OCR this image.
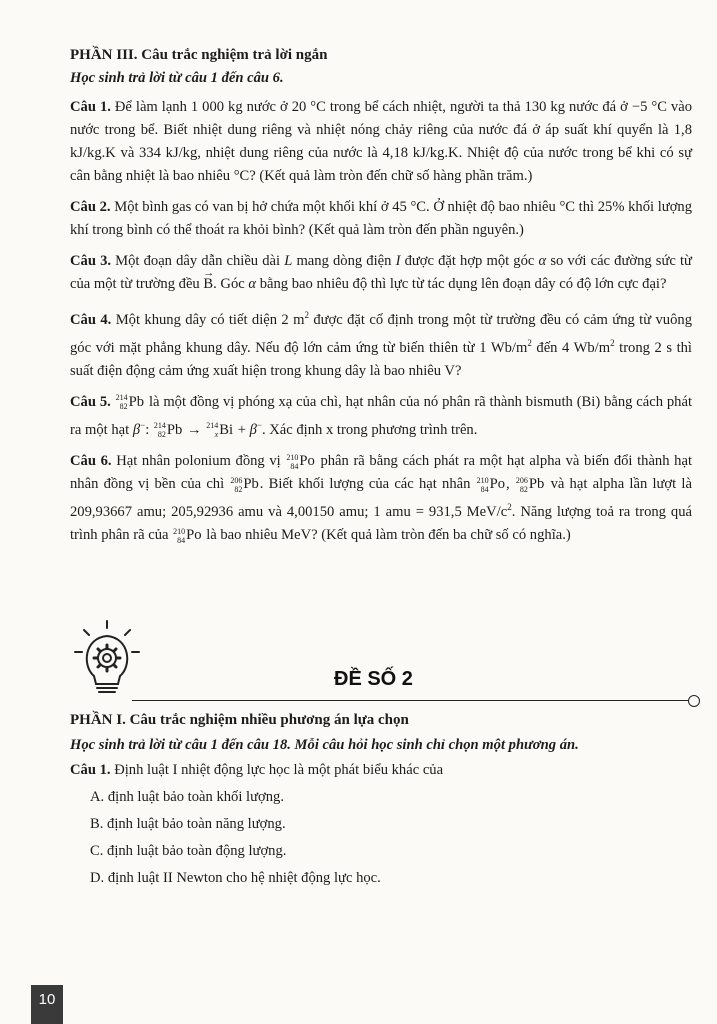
PHẦN III. Câu trắc nghiệm trả lời ngắn

Học sinh trả lời từ câu 1 đến câu 6.

Câu 1. Để làm lạnh 1 000 kg nước ở 20 °C trong bể cách nhiệt, người ta thả 130 kg nước đá ở −5 °C vào nước trong bể. Biết nhiệt dung riêng và nhiệt nóng chảy riêng của nước đá ở áp suất khí quyển là 1,8 kJ/kg.K và 334 kJ/kg, nhiệt dung riêng của nước là 4,18 kJ/kg.K. Nhiệt độ của nước trong bể khi có sự cân bằng nhiệt là bao nhiêu °C? (Kết quả làm tròn đến chữ số hàng phần trăm.)

Câu 2. Một bình gas có van bị hở chứa một khối khí ở 45 °C. Ở nhiệt độ bao nhiêu °C thì 25% khối lượng khí trong bình có thể thoát ra khỏi bình? (Kết quả làm tròn đến phần nguyên.)

Câu 3. Một đoạn dây dẫn chiều dài L mang dòng điện I được đặt hợp một góc α so với các đường sức từ của một từ trường đều → B. Góc α bằng bao nhiêu độ thì lực từ tác dụng lên đoạn dây có độ lớn cực đại?

Câu 4. Một khung dây có tiết diện 2 $m^2$ được đặt cố định trong một từ trường đều có cảm ứng từ vuông góc với mặt phẳng khung dây. Nếu độ lớn cảm ứng từ biến thiên từ 1 $Wb/m^2$ đến 4 $Wb/m^2$ trong 2 s thì suất điện động cảm ứng xuất hiện trong khung dây là bao nhiêu V?

Câu 5. 214
82 Pb là một đồng vị phóng xạ của chì, hạt nhân của nó phân rã thành bismuth (Bi) bằng cách phát ra một hạt β−: 214
82 Pb → 214
x Bi + β−. Xác định x trong phương trình trên.

Câu 6. Hạt nhân polonium đồng vị 210
84 Po phân rã bằng cách phát ra một hạt alpha và biến đổi thành hạt nhân đồng vị bền của chì 206
82 Pb . Biết khối lượng của các hạt nhân 210
84 Po , 206
82 Pb và hạt alpha lần lượt là 209,93667 amu; 205,92936 amu và 4,00150 amu; 1 amu = 931,5 MeV/$c^2$. Năng lượng toả ra trong quá trình phân rã của 210
84 Po là bao nhiêu MeV? (Kết quả làm tròn đến ba chữ số có nghĩa.)

ĐỀ SỐ 2

PHẦN I. Câu trắc nghiệm nhiều phương án lựa chọn

Học sinh trả lời từ câu 1 đến câu 18. Mỗi câu hỏi học sinh chỉ chọn một phương án.

Câu 1. Định luật I nhiệt động lực học là một phát biểu khác của

A. định luật bảo toàn khối lượng.

B. định luật bảo toàn năng lượng.

C. định luật bảo toàn động lượng.

D. định luật II Newton cho hệ nhiệt động lực học.

10
